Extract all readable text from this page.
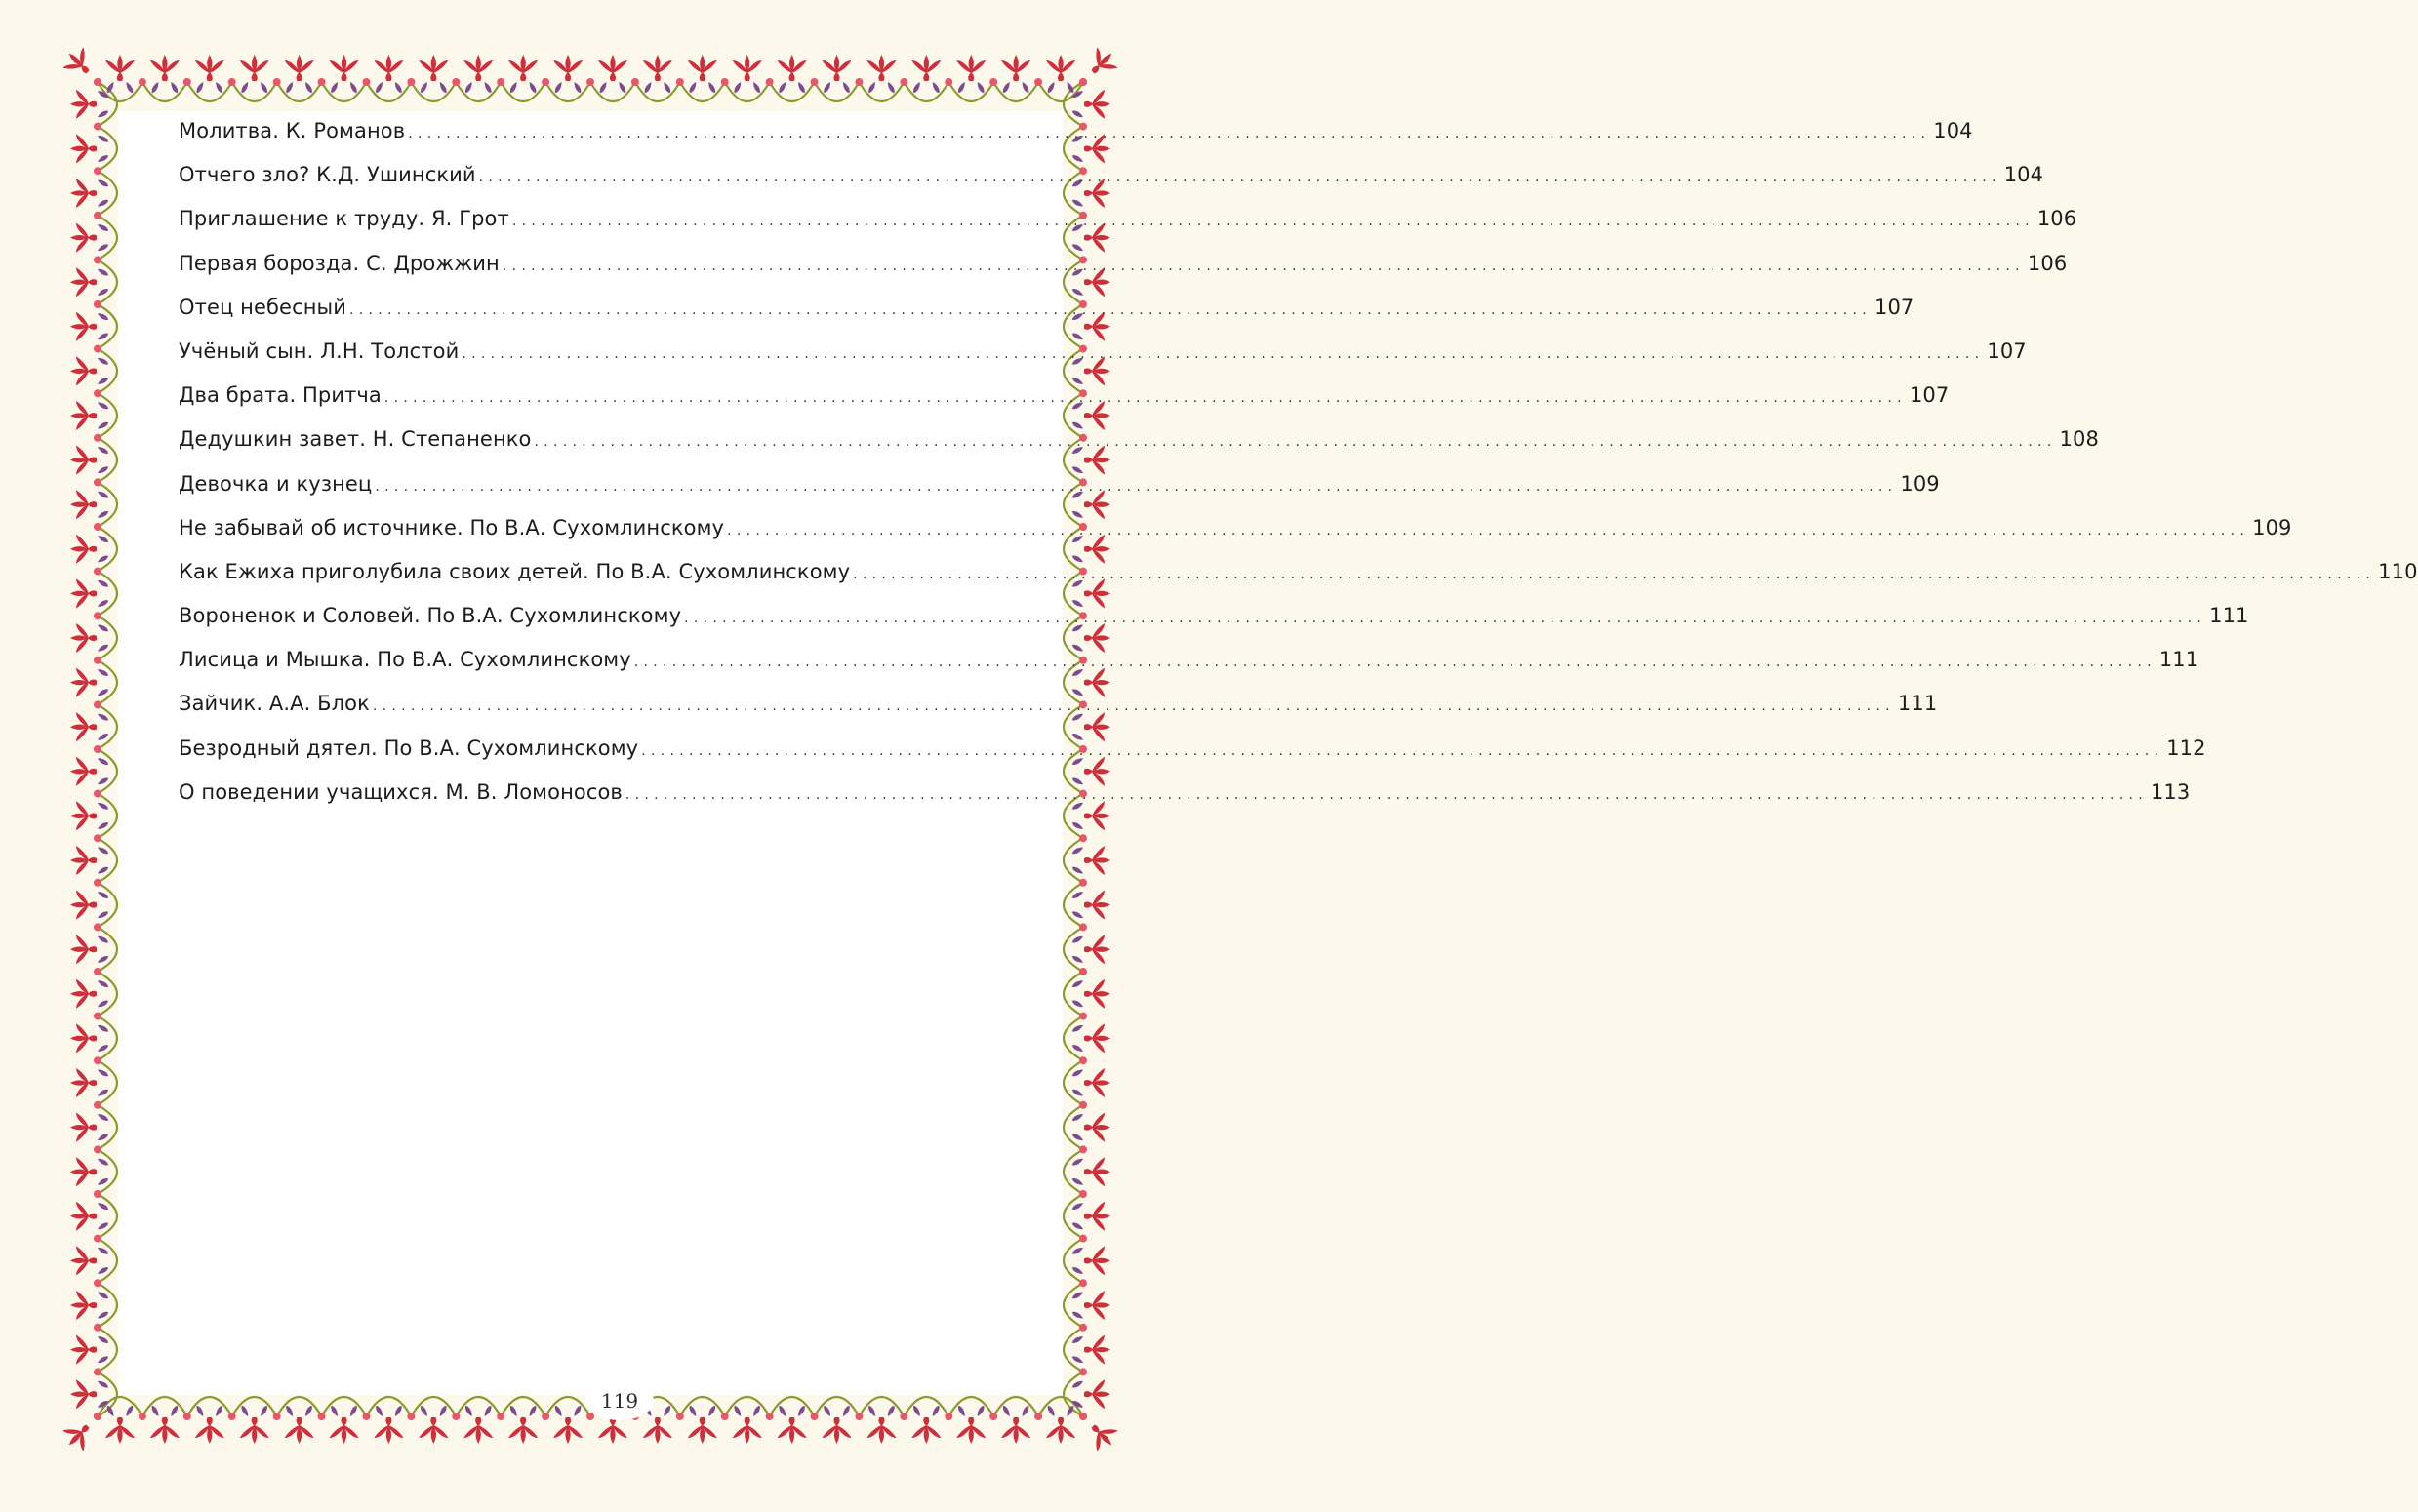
Молитва. К. Романов ................................................................................................................................................................ 104
Отчего зло? К.Д. Ушинский ................................................................................................................................................................ 104
Приглашение к труду. Я. Грот ................................................................................................................................................................ 106
Первая борозда. С. Дрожжин ................................................................................................................................................................ 106
Отец небесный ................................................................................................................................................................ 107
Учёный сын. Л.Н. Толстой ................................................................................................................................................................ 107
Два брата. Притча ................................................................................................................................................................ 107
Дедушкин завет. Н. Степаненко ................................................................................................................................................................ 108
Девочка и кузнец ................................................................................................................................................................ 109
Не забывай об источнике. По В.А. Сухомлинскому ................................................................................................................................................................ 109
Как Ежиха приголубила своих детей. По В.А. Сухомлинскому ................................................................................................................................................................ 110
Вороненок и Соловей. По В.А. Сухомлинскому ................................................................................................................................................................ 111
Лисица и Мышка. По В.А. Сухомлинскому ................................................................................................................................................................ 111
Зайчик. А.А. Блок ................................................................................................................................................................ 111
Безродный дятел. По В.А. Сухомлинскому ................................................................................................................................................................ 112
О поведении учащихся. М. В. Ломоносов ................................................................................................................................................................ 113
119
